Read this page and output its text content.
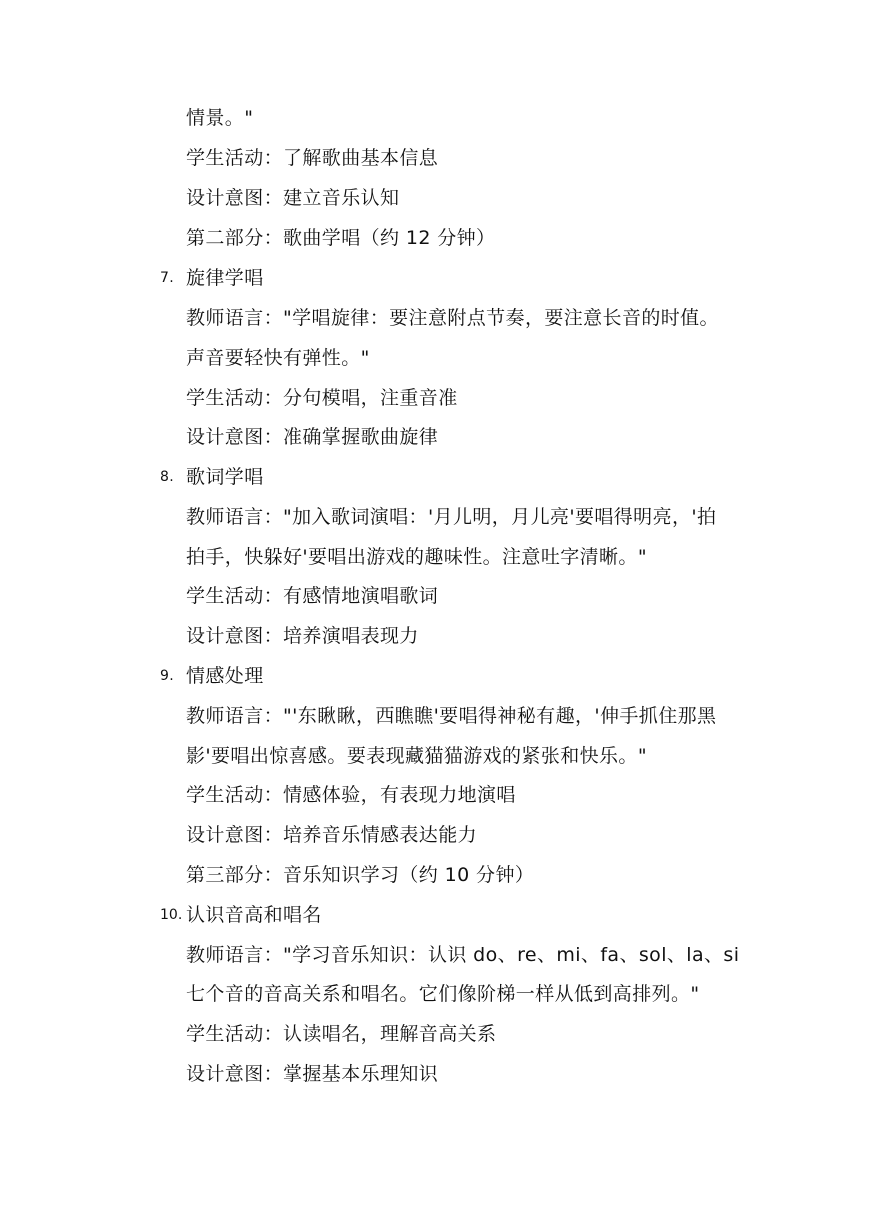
情景。"
学生活动：了解歌曲基本信息
设计意图：建立音乐认知
第二部分：歌曲学唱（约 12 分钟）
7. 旋律学唱
教师语言："学唱旋律：要注意附点节奏，要注意长音的时值。
声音要轻快有弹性。"
学生活动：分句模唱，注重音准
设计意图：准确掌握歌曲旋律
8. 歌词学唱
教师语言："加入歌词演唱：'月儿明，月儿亮'要唱得明亮，'拍
拍手，快躲好'要唱出游戏的趣味性。注意吐字清晰。"
学生活动：有感情地演唱歌词
设计意图：培养演唱表现力
9. 情感处理
教师语言："'东瞅瞅，西瞧瞧'要唱得神秘有趣，'伸手抓住那黑
影'要唱出惊喜感。要表现藏猫猫游戏的紧张和快乐。"
学生活动：情感体验，有表现力地演唱
设计意图：培养音乐情感表达能力
第三部分：音乐知识学习（约 10 分钟）
10. 认识音高和唱名
教师语言："学习音乐知识：认识 do、re、mi、fa、sol、la、si
七个音的音高关系和唱名。它们像阶梯一样从低到高排列。"
学生活动：认读唱名，理解音高关系
设计意图：掌握基本乐理知识
